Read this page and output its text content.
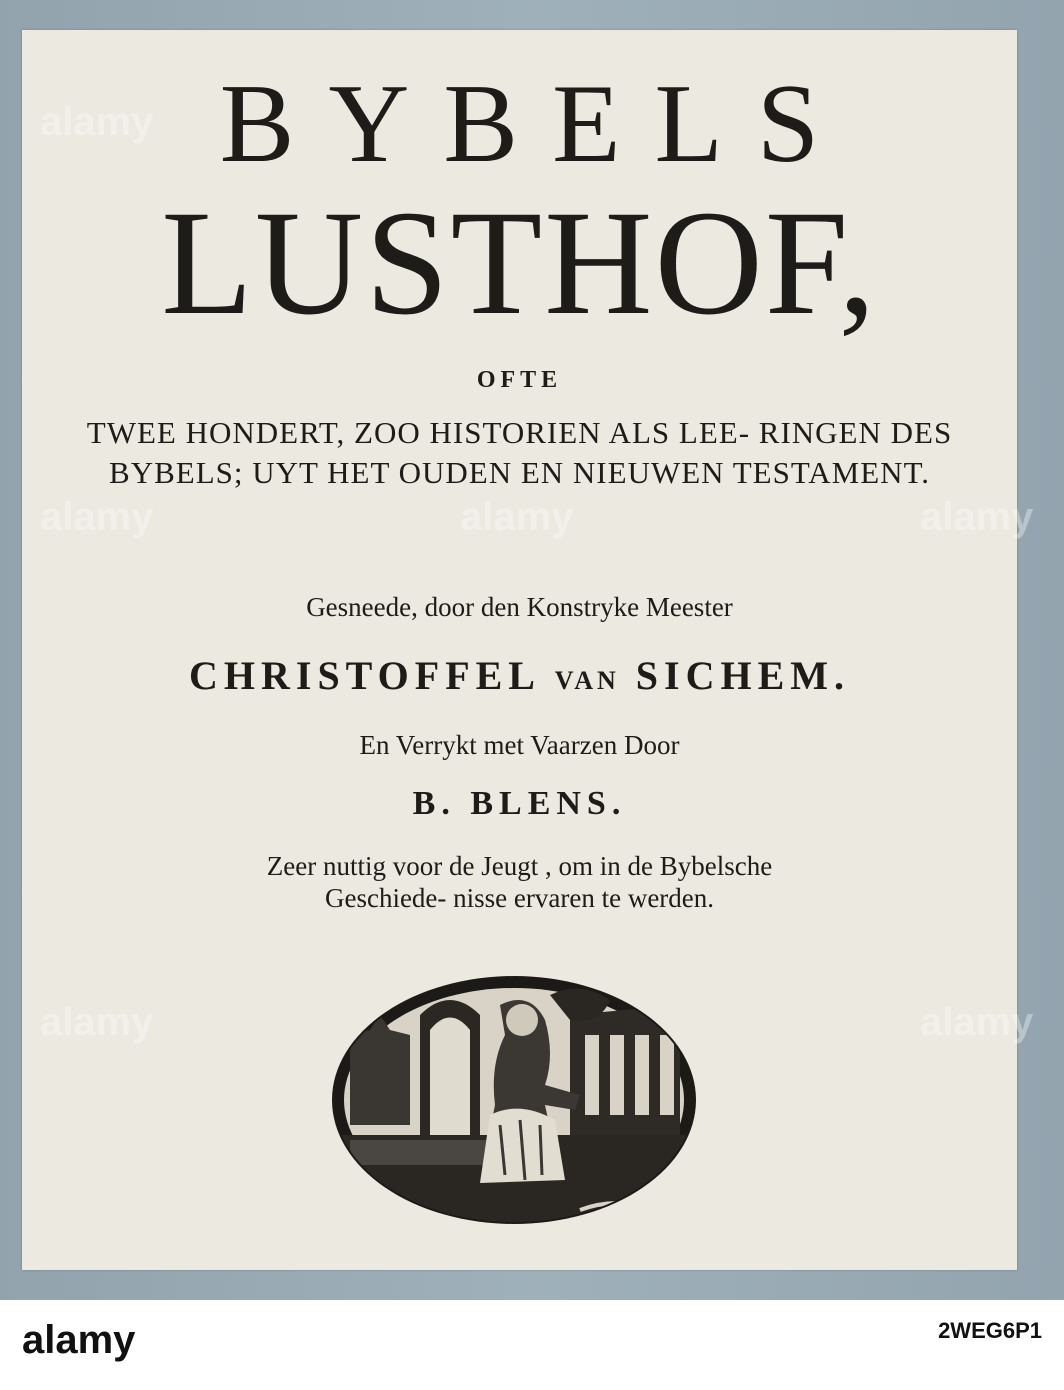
BYBELS
LUSTHOF,
OFTE
TWEE HONDERT, ZOO HISTORIEN ALS LEE- RINGEN DES BYBELS; UYT HET OUDEN EN NIEUWEN TESTAMENT.
Gesneede, door den Konstryke Meester
CHRISTOFFEL VAN SICHEM.
En Verrykt met Vaarzen Door
B. BLENS.
Zeer nuttig voor de Jeugt , om in de Bybelsche Geschiede- nisse ervaren te werden.
alamy
alamy	alamy	alamy
alamy	alamy
alamy	2WEG6P1
